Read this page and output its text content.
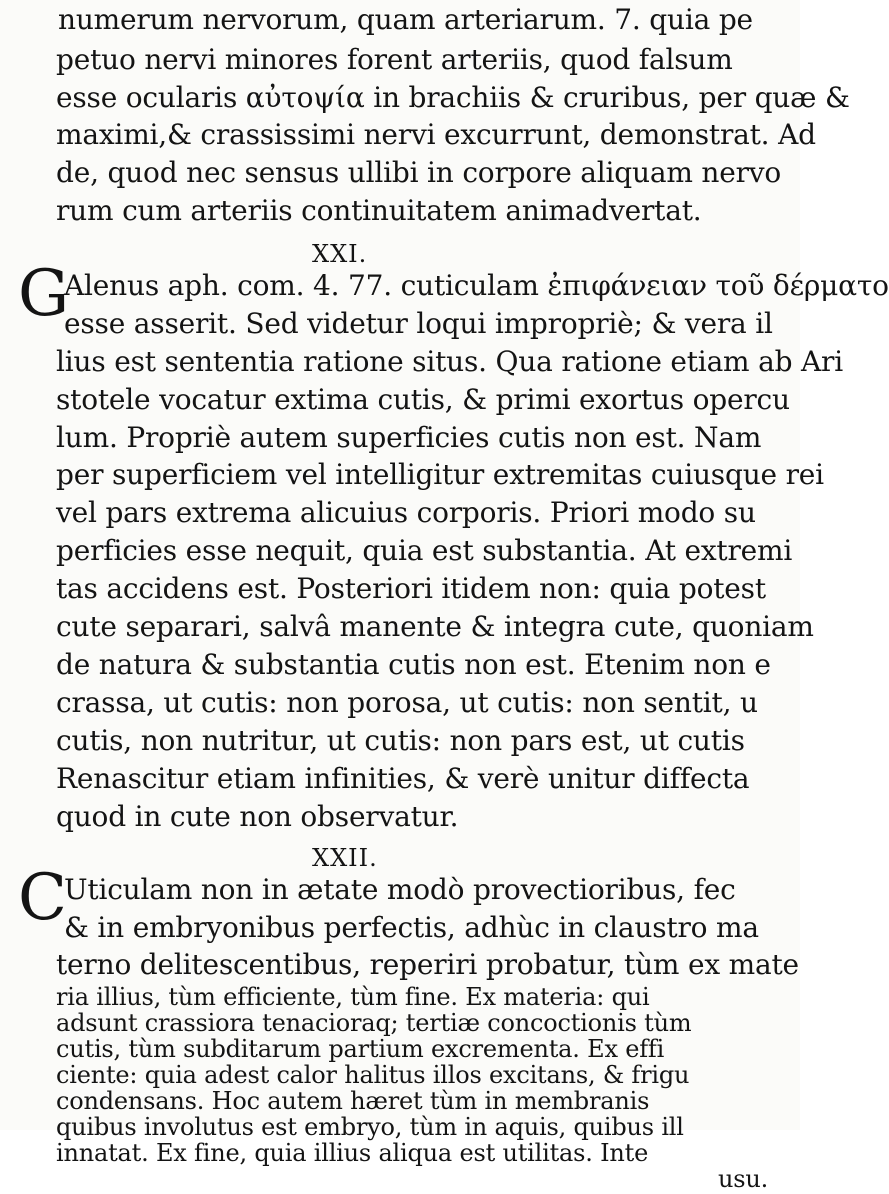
numerum nervorum, quam arteriarum. 7. quia pe
petuo nervi minores forent arteriis, quod falsum
esse ocularis αὐτοψία in brachiis & cruribus, per quæ &
maximi,& crassissimi nervi excurrunt, demonstrat. Ad
de, quod nec sensus ullibi in corpore aliquam nervo
rum cum arteriis continuitatem animadvertat.
XXI.
G
Alenus aph. com. 4. 77. cuticulam ἐπιφάνειαν τοῦ δέρματο
esse asserit. Sed videtur loqui impropriè; & vera il
lius est sententia ratione situs. Qua ratione etiam ab Ari
stotele vocatur extima cutis, & primi exortus opercu
lum. Propriè autem superficies cutis non est. Nam
per superficiem vel intelligitur extremitas cuiusque rei
vel pars extrema alicuius corporis. Priori modo su
perficies esse nequit, quia est substantia. At extremi
tas accidens est. Posteriori itidem non: quia potest
cute separari, salvâ manente & integra cute, quoniam
de natura & substantia cutis non est. Etenim non e
crassa, ut cutis: non porosa, ut cutis: non sentit, u
cutis, non nutritur, ut cutis: non pars est, ut cutis
Renascitur etiam infinities, & verè unitur diffecta
quod in cute non observatur.
XXII.
C
Uticulam non in ætate modò provectioribus, fec
& in embryonibus perfectis, adhùc in claustro ma
terno delitescentibus, reperiri probatur, tùm ex mate
ria illius, tùm efficiente, tùm fine. Ex materia: qui
adsunt crassiora tenacioraq; tertiæ concoctionis tùm
cutis, tùm subditarum partium excrementa. Ex effi
ciente: quia adest calor halitus illos excitans, & frigu
condensans. Hoc autem hæret tùm in membranis
quibus involutus est embryo, tùm in aquis, quibus ill
innatat. Ex fine, quia illius aliqua est utilitas. Inte
usu.
